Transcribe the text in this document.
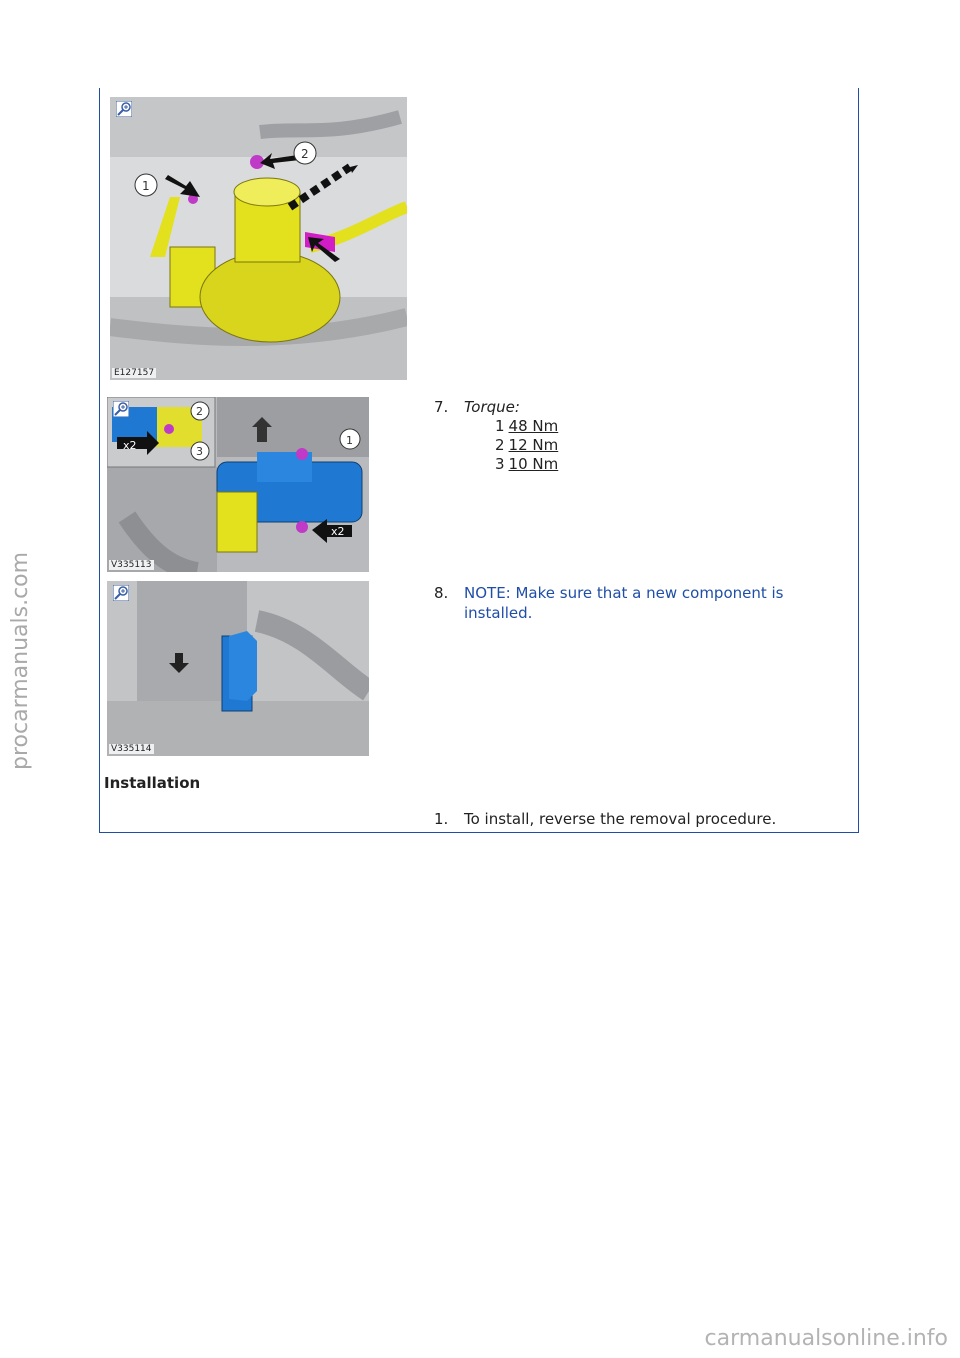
1
2
E127157
x2
2
3
1
x2
V335113
V335114
7. Torque:
1 48 Nm
2 12 Nm
3 10 Nm
8. NOTE: Make sure that a new component is
installed.
Installation
1. To install, reverse the removal procedure.
procarmanuals.com
carmanualsonline.info
